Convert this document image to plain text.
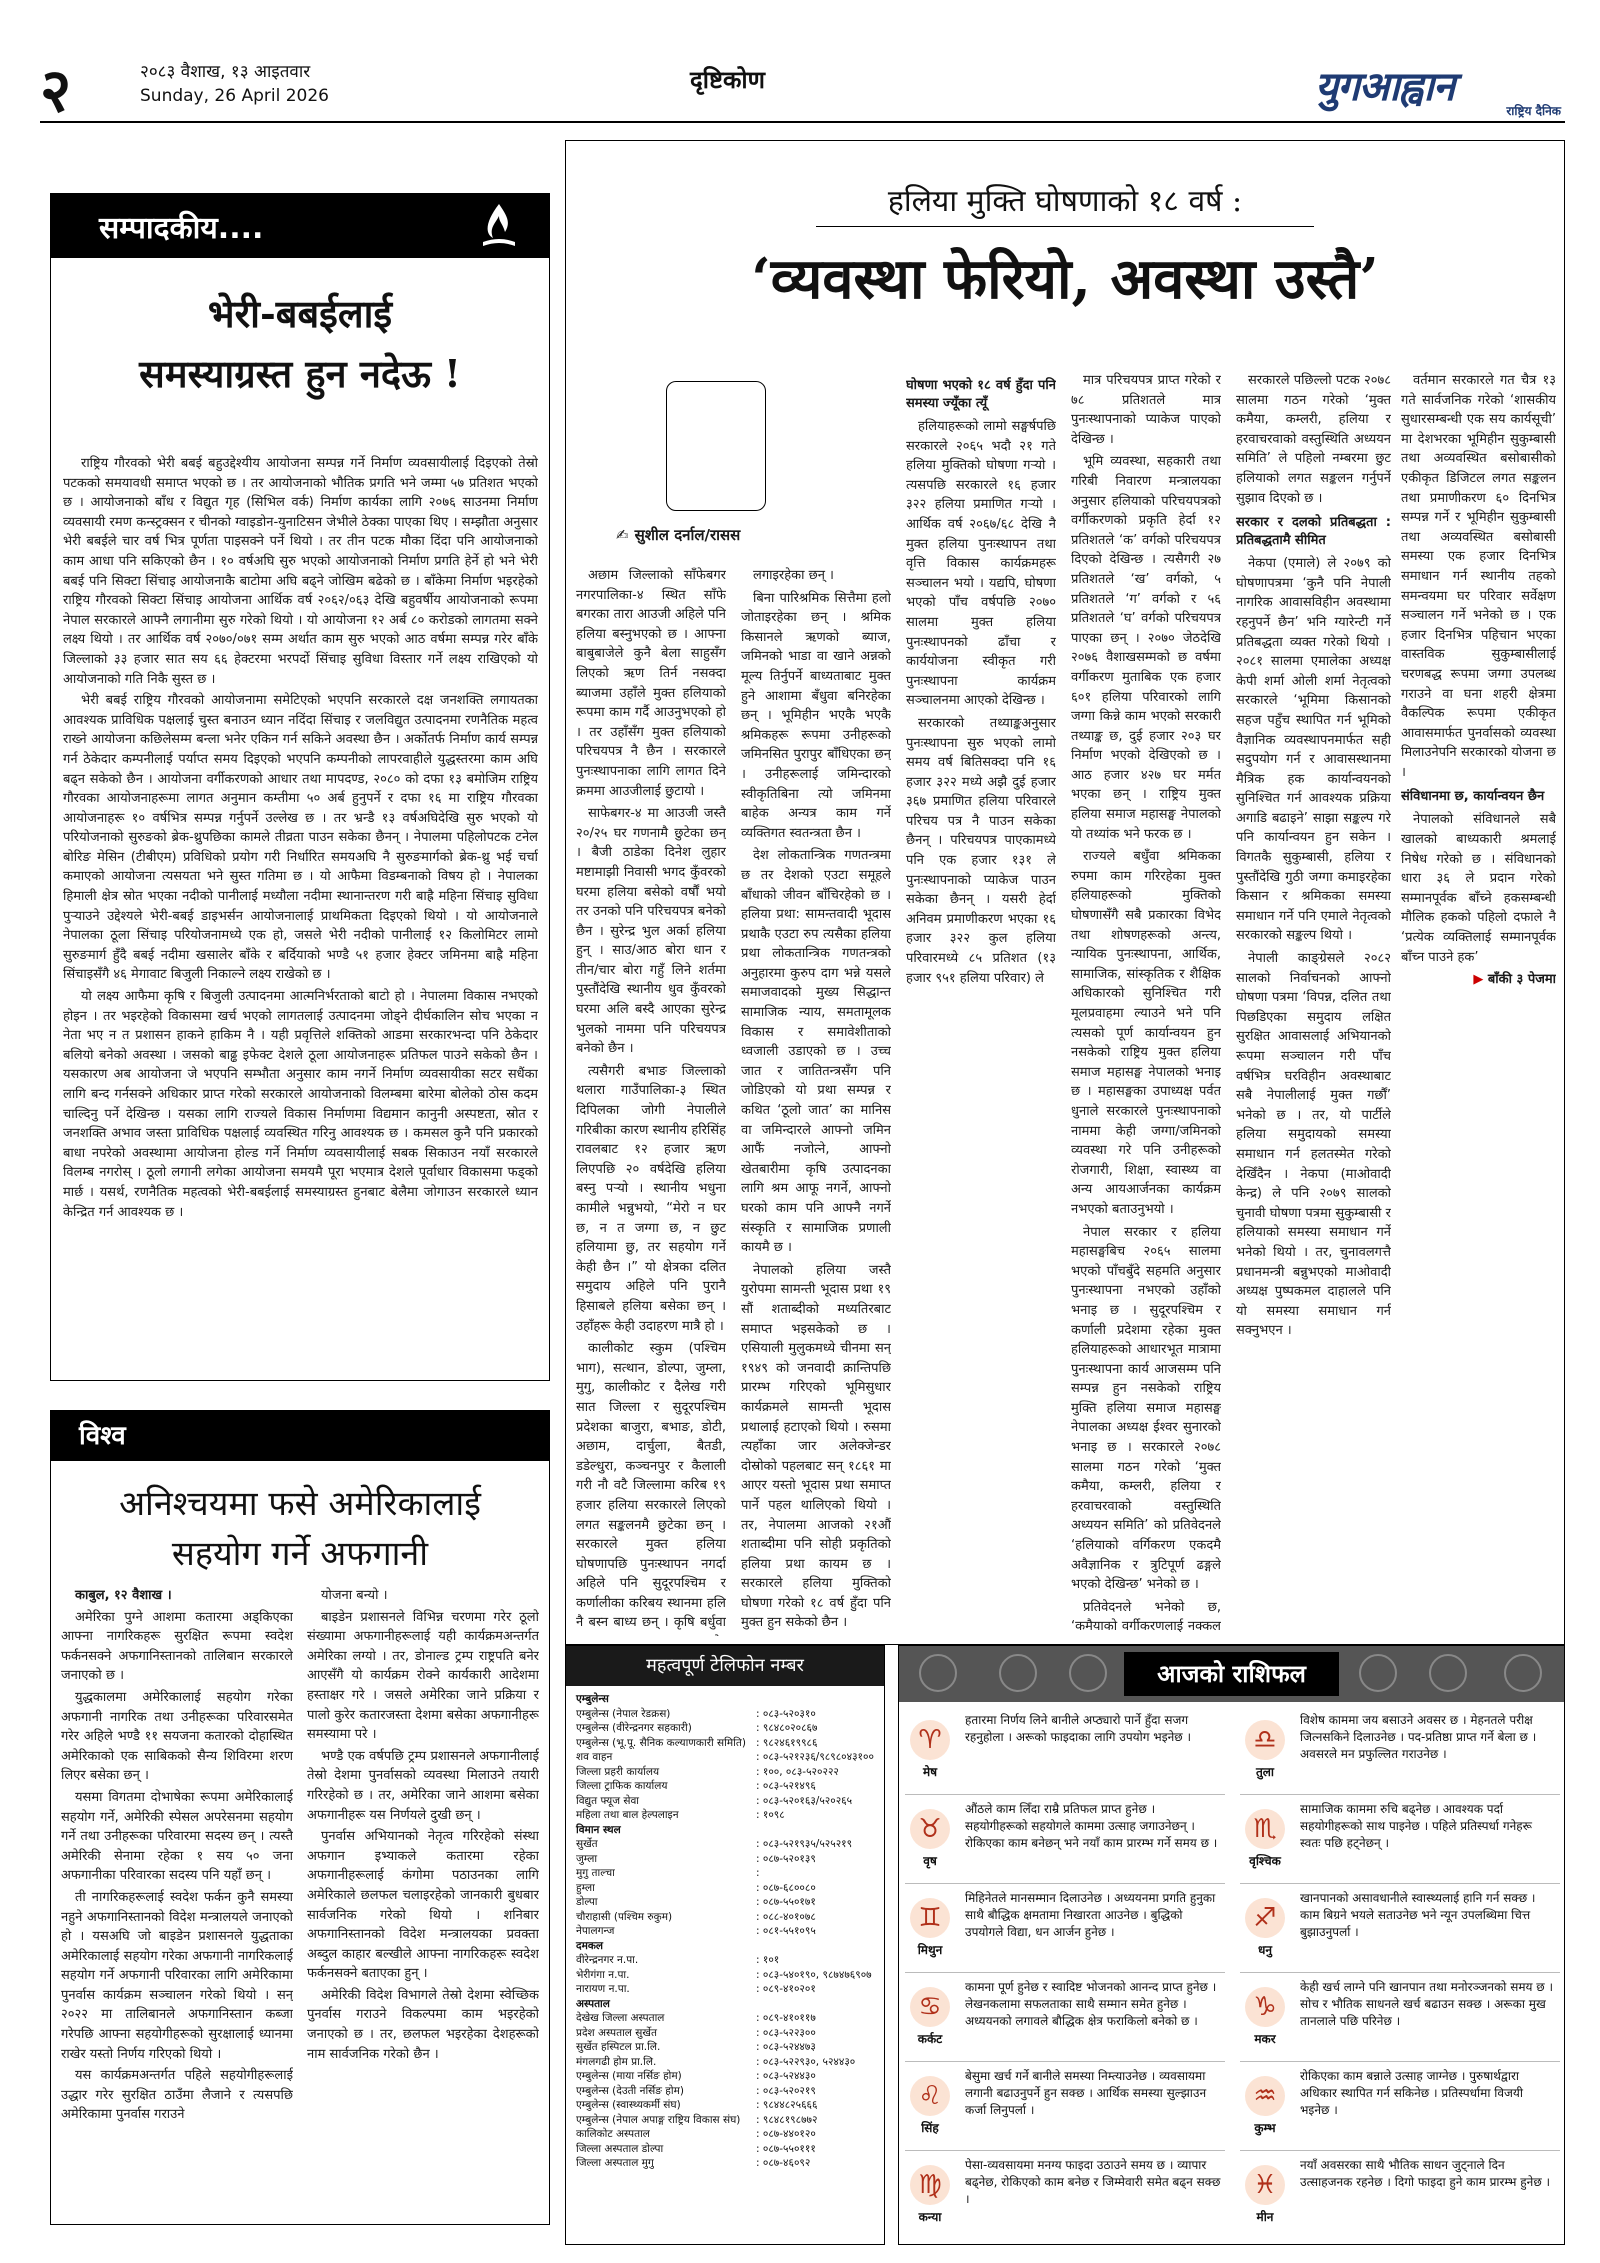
२	२०८३ वैशाख, १३ आइतवार
Sunday, 26 April 2026
दृष्टिकोण	युगआह्वान
राष्ट्रिय दैनिक
सम्पादकीय....
भेरी-बबईलाई
समस्याग्रस्त हुन नदेऊ !

राष्ट्रिय गौरवको भेरी बबई बहुउद्देश्यीय आयोजना सम्पन्न गर्ने निर्माण व्यवसायीलाई दिइएको तेस्रो पटकको समयावधी समाप्त भएको छ । तर आयोजनाको भौतिक प्रगति भने जम्मा ५७ प्रतिशत भएको छ । आयोजनाको बाँध र विद्युत गृह (सिभिल वर्क) निर्माण कार्यका लागि २०७६ साउनमा निर्माण व्यवसायी रमण कन्स्ट्रक्सन र चीनको ग्वाइडोन-युनाटिसन जेभीले ठेक्का पाएका थिए । सम्झौता अनुसार भेरी बबईले चार वर्ष भित्र पूर्णता पाइसक्ने पर्ने थियो । तर तीन पटक मौका दिंदा पनि आयोजनाको काम आधा पनि सकिएको छैन । १० वर्षअघि सुरु भएको आयोजनाको निर्माण प्रगति हेर्ने हो भने भेरी बबई पनि सिक्टा सिंचाइ आयोजनाकै बाटोमा अघि बढ्ने जोखिम बढेको छ । बाँकेमा निर्माण भइरहेको राष्ट्रिय गौरवको सिक्टा सिंचाइ आयोजना आर्थिक वर्ष २०६२/०६३ देखि बहुवर्षीय आयोजनाको रूपमा नेपाल सरकारले आफ्नै लगानीमा सुरु गरेको थियो । यो आयोजना १२ अर्ब ८० करोडको लागतमा सक्ने लक्ष्य थियो । तर आर्थिक वर्ष २०७०/०७१ सम्म अर्थात काम सुरु भएको आठ वर्षमा सम्पन्न गरेर बाँके जिल्लाको ३३ हजार सात सय ६६ हेक्टरमा भरपर्दो सिंचाइ सुविधा विस्तार गर्ने लक्ष्य राखिएको यो आयोजनाको गति निकै सुस्त छ ।

भेरी बबई राष्ट्रिय गौरवको आयोजनामा समेटिएको भएपनि सरकारले दक्ष जनशक्ति लगायतका आवश्यक प्राविधिक पक्षलाई चुस्त बनाउन ध्यान नदिंदा सिंचाइ र जलविद्युत उत्पादनमा रणनैतिक महत्व राख्ने आयोजना कछिलेसम्म बन्ला भनेर एकिन गर्न सकिने अवस्था छैन । अर्कोतर्फ निर्माण कार्य सम्पन्न गर्न ठेकेदार कम्पनीलाई पर्याप्त समय दिइएको भएपनि कम्पनीको लापरवाहीले युद्धस्तरमा काम अघि बढ्न सकेको छैन । आयोजना वर्गीकरणको आधार तथा मापदण्ड, २०८० को दफा १३ बमोजिम राष्ट्रिय गौरवका आयोजनाहरूमा लागत अनुमान कम्तीमा ५० अर्ब हुनुपर्ने र दफा १६ मा राष्ट्रिय गौरवका आयोजनाहरू १० वर्षभित्र सम्पन्न गर्नुपर्ने उल्लेख छ । तर भ्रन्डै १३ वर्षअघिदेखि सुरु भएको यो परियोजनाको सुरुङको ब्रेक-थ्रुपछिका कामले तीव्रता पाउन सकेका छैनन् । नेपालमा पहिलोपटक टनेल बोरिङ मेसिन (टीबीएम) प्रविधिको प्रयोग गरी निर्धारित समयअघि नै सुरुङमार्गको ब्रेक-थ्रु भई चर्चा कमाएको आयोजना त्यसयता भने सुस्त गतिमा छ । यो आफैमा विडम्बनाको विषय हो । नेपालका हिमाली क्षेत्र स्रोत भएका नदीको पानीलाई मध्यौला नदीमा स्थानान्तरण गरी बाह्रै महिना सिंचाइ सुविधा पुऱ्याउने उद्देश्यले भेरी-बबई डाइभर्सन आयोजनालाई प्राथमिकता दिइएको थियो । यो आयोजनाले नेपालका ठूला सिंचाइ परियोजनामध्ये एक हो, जसले भेरी नदीको पानीलाई १२ किलोमिटर लामो सुरुङमार्ग हुँदै बबई नदीमा खसालेर बाँके र बर्दियाको भण्डै ५१ हजार हेक्टर जमिनमा बाह्रै महिना सिंचाइसँगै ४६ मेगावाट बिजुली निकाल्ने लक्ष्य राखेको छ ।

यो लक्ष्य आफैमा कृषि र बिजुली उत्पादनमा आत्मनिर्भरताको बाटो हो । नेपालमा विकास नभएको होइन । तर भइरहेको विकासमा खर्च भएको लागतलाई उत्पादनमा जोड्ने दीर्घकालिन सोच भएका न नेता भए न त प्रशासन हाकने हाकिम नै । यही प्रवृत्तिले शक्तिको आडमा सरकारभन्दा पनि ठेकेदार बलियो बनेको अवस्था । जसको बाढ्ढ इफेक्ट देशले ठूला आयोजनाहरू प्रतिफल पाउने सकेको छैन । यसकारण अब आयोजना जे भएपनि सम्भौता अनुसार काम नगर्ने निर्माण व्यवसायीका सटर सधैंका लागि बन्द गर्नसक्ने अधिकार प्राप्त गरेको सरकारले आयोजनाको विलम्बमा बारेमा बोलेको ठोस कदम चाल्दिनु पर्ने देखिन्छ । यसका लागि राज्यले विकास निर्माणमा विद्यमान कानुनी अस्पष्टता, स्रोत र जनशक्ति अभाव जस्ता प्राविधिक पक्षलाई व्यवस्थित गरिनु आवश्यक छ । कमसल कुनै पनि प्रकारको बाधा नपरेको अवस्थामा आयोजना होल्ड गर्ने निर्माण व्यवसायीलाई सबक सिकाउन नयाँ सरकारले विलम्ब नगरोस् । ठूलो लगानी लगेका आयोजना समयमै पूरा भएमात्र देशले पूर्वाधार विकासमा फड्को मार्छ । यसर्थ, रणनैतिक महत्वको भेरी-बबईलाई समस्याग्रस्त हुनबाट बेलैमा जोगाउन सरकारले ध्यान केन्द्रित गर्न आवश्यक छ ।

विश्व
अनिश्चयमा फसे अमेरिकालाई
सहयोग गर्ने अफगानी

काबुल, १२ वैशाख ।

अमेरिका पुग्ने आशमा कतारमा अड्किएका आफ्ना नागरिकहरू सुरक्षित रूपमा स्वदेश फर्कनसक्ने अफगानिस्तानको तालिबान सरकारले जनाएको छ ।

युद्धकालमा अमेरिकालाई सहयोग गरेका अफगानी नागरिक तथा उनीहरूका परिवारसमेत गरेर अहिले भण्डै ११ सयजना कतारको दोहास्थित अमेरिकाको एक साबिकको सैन्य शिविरमा शरण लिएर बसेका छन् ।

यसमा विगतमा दोभाषेका रूपमा अमेरिकालाई सहयोग गर्ने, अमेरिकी स्पेसल अपरेसनमा सहयोग गर्ने तथा उनीहरूका परिवारमा सदस्य छन् । त्यस्तै अमेरिकी सेनामा रहेका १ सय ५० जना अफगानीका परिवारका सदस्य पनि यहाँ छन् ।

ती नागरिकहरूलाई स्वदेश फर्कन कुनै समस्या नहुने अफगानिस्तानको विदेश मन्त्रालयले जनाएको हो । यसअघि जो बाइडेन प्रशासनले युद्धताका अमेरिकालाई सहयोग गरेका अफगानी नागरिकलाई सहयोग गर्ने अफगानी परिवारका लागि अमेरिकामा पुनर्वास कार्यक्रम सञ्चालन गरेको थियो । सन् २०२२ मा तालिबानले अफगानिस्तान कब्जा गरेपछि आफ्ना सहयोगीहरूको सुरक्षालाई ध्यानमा राखेर यस्तो निर्णय गरिएको थियो ।

यस कार्यक्रमअन्तर्गत पहिले सहयोगीहरूलाई उद्धार गरेर सुरक्षित ठाउँमा लैजाने र त्यसपछि अमेरिकामा पुनर्वास गराउने

योजना बन्यो ।

बाइडेन प्रशासनले विभिन्न चरणमा गरेर ठूलो संख्यामा अफगानीहरूलाई यही कार्यक्रमअन्तर्गत अमेरिका लग्यो । तर, डोनाल्ड ट्रम्प राष्ट्रपति बनेर आएसँगै यो कार्यक्रम रोक्ने कार्यकारी आदेशमा हस्ताक्षर गरे । जसले अमेरिका जाने प्रक्रिया र पालो कुरेर कतारजस्ता देशमा बसेका अफगानीहरू समस्यामा परे ।

भण्डै एक वर्षपछि ट्रम्प प्रशासनले अफगानीलाई तेस्रो देशमा पुनर्वासको व्यवस्था मिलाउने तयारी गरिरहेको छ । तर, अमेरिका जाने आशमा बसेका अफगानीहरू यस निर्णयले दुखी छन् ।

पुनर्वास अभियानको नेतृत्व गरिरहेको संस्था अफगान इभ्याकले कतारमा रहेका अफगानीहरूलाई कंगोमा पठाउनका लागि अमेरिकाले छलफल चलाइरहेको जानकारी बुधबार सार्वजनिक गरेको थियो । शनिबार अफगानिस्तानको विदेश मन्त्रालयका प्रवक्ता अब्दुल काहार बल्खीले आफ्ना नागरिकहरू स्वदेश फर्कनसक्ने बताएका हुन् ।

अमेरिकी विदेश विभागले तेस्रो देशमा स्वेच्छिक पुनर्वास गराउने विकल्पमा काम भइरहेको जनाएको छ । तर, छलफल भइरहेका देशहरूको नाम सार्वजनिक गरेको छैन ।

हलिया मुक्ति घोषणाको १८ वर्ष :
‘व्यवस्था फेरियो, अवस्था उस्तै’
✍ सुशील दर्नाल/रासस

अछाम जिल्लाको साँफेबगर नगरपालिका-४ स्थित साँफे बगरका तारा आउजी अहिले पनि हलिया बस्नुभएको छ । आफ्ना बाबुबाजेले कुनै बेला साहुसँग लिएको ऋण तिर्न नसक्दा ब्याजमा उहाँले मुक्त हलियाको रूपमा काम गर्दै आउनुभएको हो । तर उहाँसँग मुक्त हलियाको परिचयपत्र नै छैन । सरकारले पुनःस्थापनाका लागि लागत दिने क्रममा आउजीलाई छुटायो ।

साफेबगर-४ मा आउजी जस्तै २०/२५ घर गणनामै छुटेका छन् । बैजी ठाडेका दिनेश लुहार मष्टामाझी निवासी भगद कुँवरको घरमा हलिया बसेको वर्षौं भयो तर उनको पनि परिचयपत्र बनेको छैन । सुरेन्द्र भुल अर्का हलिया हुन् । साउ/आठ बोरा धान र तीन/चार बोरा गहुँ लिने शर्तमा पुस्तौंदेखि स्थानीय धुव कुँवरको घरमा अलि बस्दै आएका सुरेन्द्र भुलको नाममा पनि परिचयपत्र बनेको छैन ।

त्यसैगरी बभाङ जिल्लाको थलारा गाउँपालिका-३ स्थित दिपिलका जोगी नेपालीले गरिबीका कारण स्थानीय हरिसिंह रावलबाट १२ हजार ऋण लिएपछि २० वर्षदेखि हलिया बस्नु पऱ्यो । स्थानीय भधुना कामीले भन्नुभयो, “मेरो न घर छ, न त जग्गा छ, न छुट हलियामा छु, तर सहयोग गर्ने केही छैन ।” यो क्षेत्रका दलित समुदाय अहिले पनि पुरानै हिसाबले हलिया बसेका छन् । उहाँहरू केही उदाहरण मात्रै हो ।

कालीकोट स्कुम (पश्चिम भाग), सत्थान, डोल्पा, जुम्ला, मुगु, कालीकोट र दैलेख गरी सात जिल्ला र सुदूरपश्चिम प्रदेशका बाजुरा, बभाङ, डोटी, अछाम, दार्चुला, बैतडी, डडेल्धुरा, कञ्चनपुर र कैलाली गरी नौ वटै जिल्लामा करिब १९ हजार हलिया सरकारले लिएको लगत सङ्कलनमै छुटेका छन् । सरकारले मुक्त हलिया घोषणापछि पुनःस्थापन नगर्दा अहिले पनि सुदूरपश्चिम र कर्णालीका करिबय स्थानमा हलि नै बस्न बाध्य छन् । कृषि बर्धुवा

लगाइरहेका छन् ।

बिना पारिश्रमिक सित्तैमा हलो जोताइरहेका छन् । श्रमिक किसानले ऋणको ब्याज, जमिनको भाडा वा खाने अन्नको मूल्य तिर्नुपर्ने बाध्यताबाट मुक्त हुने आशामा बँधुवा बनिरहेका छन् । भूमिहीन भएकै भएकै श्रमिकहरू रूपमा उनीहरूको जमिनसित पुरापुर बाँधिएका छन् । उनीहरूलाई जमिन्दारको स्वीकृतिबिना त्यो जमिनमा बाहेक अन्यत्र काम गर्ने व्यक्तिगत स्वतन्त्रता छैन ।

देश लोकतान्त्रिक गणतन्त्रमा छ तर देशको एउटा समूहले बाँधाको जीवन बाँचिरहेको छ । हलिया प्रथा: सामन्तवादी भूदास प्रथाकै एउटा रुप त्यसैका हलिया प्रथा लोकतान्त्रिक गणतन्त्रको अनुहारमा कुरुप दाग भन्ने यसले समाजवादको मुख्य सिद्धान्त सामाजिक न्याय, समतामूलक विकास र समावेशीताको ध्वजाली उडाएको छ । उच्च जात र जातितन्त्रसँग पनि जोडिएको यो प्रथा सम्पन्न र कथित ‘ठूलो जात’ का मानिस वा जमिन्दारले आफ्नो जमिन आफैं नजोत्ने, आफ्नो खेतबारीमा कृषि उत्पादनका लागि श्रम आफू नगर्ने, आफ्नो घरको काम पनि आफ्नै नगर्ने संस्कृति र सामाजिक प्रणाली कायमै छ ।

नेपालको हलिया जस्तै युरोपमा सामन्ती भूदास प्रथा १९ सौं शताब्दीको मध्यतिरबाट समाप्त भइसकेको छ । एसियाली मुलुकमध्ये चीनमा सन् १९४९ को जनवादी क्रान्तिपछि प्रारम्भ गरिएको भूमिसुधार कार्यक्रमले सामन्ती भूदास प्रथालाई हटाएको थियो । रुसमा त्यहाँका जार अलेक्जेन्डर दोस्रोको पहलबाट सन् १८६१ मा आएर यस्तो भूदास प्रथा समाप्त पार्ने पहल थालिएको थियो । तर, नेपालमा आजको २१औं शताब्दीमा पनि सोही प्रकृतिको हलिया प्रथा कायम छ । सरकारले हलिया मुक्तिको घोषणा गरेको १८ वर्ष हुँदा पनि मुक्त हुन सकेको छैन ।

घोषणा भएको १८ वर्ष हुँदा पनि समस्या ज्यूँका त्यूँ

हलियाहरूको लामो सङ्घर्षपछि सरकारले २०६५ भदौ २१ गते हलिया मुक्तिको घोषणा गऱ्यो । त्यसपछि सरकारले १६ हजार ३२२ हलिया प्रमाणित गऱ्यो । आर्थिक वर्ष २०६७/६८ देखि नै मुक्त हलिया पुनःस्थापन तथा वृत्ति विकास कार्यक्रमहरू सञ्चालन भयो । यद्यपि, घोषणा भएको पाँच वर्षपछि २०७० सालमा मुक्त हलिया पुनःस्थापनको ढाँचा र कार्ययोजना स्वीकृत गरी पुनःस्थापना कार्यक्रम सञ्चालनमा आएको देखिन्छ ।

सरकारको तथ्याङ्कअनुसार पुनःस्थापना सुरु भएको लामो समय वर्ष बितिसक्दा पनि १६ हजार ३२२ मध्ये अझै दुई हजार ३६७ प्रमाणित हलिया परिवारले परिचय पत्र नै पाउन सकेका छैनन् । परिचयपत्र पाएकामध्ये पनि एक हजार १३१ ले पुनःस्थापनाको प्याकेज पाउन सकेका छैनन् । यसरी हेर्दा अनिवम प्रमाणीकरण भएका १६ हजार ३२२ कुल हलिया परिवारमध्ये ८५ प्रतिशत (१३ हजार ९५१ हलिया परिवार) ले

मात्र परिचयपत्र प्राप्त गरेको र ७८ प्रतिशतले मात्र पुनःस्थापनाको प्याकेज पाएको देखिन्छ ।

भूमि व्यवस्था, सहकारी तथा गरिबी निवारण मन्त्रालयका अनुसार हलियाको परिचयपत्रको वर्गीकरणको प्रकृति हेर्दा १२ प्रतिशतले ‘क’ वर्गको परिचयपत्र दिएको देखिन्छ । त्यसैगरी २७ प्रतिशतले ‘ख’ वर्गको, ५ प्रतिशतले ‘ग’ वर्गको र ५६ प्रतिशतले ‘घ’ वर्गको परिचयपत्र पाएका छन् । २०७० जेठदेखि २०७६ वैशाखसम्मको छ वर्षमा वर्गीकरण मुताबिक एक हजार ६०१ हलिया परिवारको लागि जग्गा किन्ने काम भएको सरकारी तथ्याङ्क छ, दुई हजार २०३ घर निर्माण भएको देखिएको छ । आठ हजार ४२७ घर मर्मत भएका छन् । राष्ट्रिय मुक्त हलिया समाज महासङ्घ नेपालको यो तथ्यांक भने फरक छ ।

राज्यले बधुँवा श्रमिकका रुपमा काम गरिरहेका मुक्त हलियाहरूको मुक्तिको घोषणासँगै सबै प्रकारका विभेद तथा शोषणहरूको अन्त्य, न्यायिक पुनःस्थापना, आर्थिक, सामाजिक, सांस्कृतिक र शैक्षिक अधिकारको सुनिश्चित गरी मूलप्रवाहमा ल्याउने भने पनि त्यसको पूर्ण कार्यान्वयन हुन नसकेको राष्ट्रिय मुक्त हलिया समाज महासङ्घ नेपालको भनाइ छ । महासङ्घका उपाध्यक्ष पर्वत धुनाले सरकारले पुनःस्थापनाको नाममा केही जग्गा/जमिनको व्यवस्था गरे पनि उनीहरूको रोजगारी, शिक्षा, स्वास्थ्य वा अन्य आयआर्जनका कार्यक्रम नभएको बताउनुभयो ।

नेपाल सरकार र हलिया महासङ्घबिच २०६५ सालमा भएको पाँचबुँदे सहमति अनुसार पुनःस्थापना नभएको उहाँको भनाइ छ । सुदूरपश्चिम र कर्णाली प्रदेशमा रहेका मुक्त हलियाहरूको आधारभूत मात्रामा पुनःस्थापना कार्य आजसम्म पनि सम्पन्न हुन नसकेको राष्ट्रिय मुक्ति हलिया समाज महासङ्घ नेपालका अध्यक्ष ईश्वर सुनारको भनाइ छ । सरकारले २०७८ सालमा गठन गरेको ‘मुक्त कमैया, कम्लरी, हलिया र हरवाचरवाको वस्तुस्थिति अध्ययन समिति’ को प्रतिवेदनले ‘हलियाको वर्गिकरण एकदमै अवैज्ञानिक र त्रुटिपूर्ण ढङ्गले भएको देखिन्छ’ भनेको छ ।

प्रतिवेदनले भनेको छ, ‘कमैयाको वर्गीकरणलाई नक्कल

सरकारले पछिल्लो पटक २०७८ सालमा गठन गरेको ‘मुक्त कमैया, कम्लरी, हलिया र हरवाचरवाको वस्तुस्थिति अध्ययन समिति’ ले पहिलो नम्बरमा छुट हलियाको लगत सङ्कलन गर्नुपर्ने सुझाव दिएको छ ।

सरकार र दलको प्रतिबद्धता : प्रतिबद्धतामै सीमित

नेकपा (एमाले) ले २०७९ को घोषणापत्रमा ‘कुनै पनि नेपाली नागरिक आवासविहीन अवस्थामा रहनुपर्ने छैन’ भनि ग्यारेन्टी गर्ने प्रतिबद्धता व्यक्त गरेको थियो । २०८१ सालमा एमालेका अध्यक्ष केपी शर्मा ओली शर्मा नेतृत्वको सरकारले ‘भूमिमा किसानको सहज पहुँच स्थापित गर्न भूमिको वैज्ञानिक व्यवस्थापनमार्फत सही सदुपयोग गर्न र आवासस्थानमा मैत्रिक हक कार्यान्वयनको सुनिश्चित गर्न आवश्यक प्रक्रिया अगाडि बढाइने’ साझा सङ्कल्प गरे पनि कार्यान्वयन हुन सकेन । विगतकै सुकुम्बासी, हलिया र पुस्तौंदेखि गुठी जग्गा कमाइरहेका किसान र श्रमिकका समस्या समाधान गर्ने पनि एमाले नेतृत्वको सरकारको सङ्कल्प थियो ।

नेपाली काङ्ग्रेसले २०८२ सालको निर्वाचनको आफ्नो घोषणा पत्रमा ‘विपन्न, दलित तथा पिछडिएका समुदाय लक्षित सुरक्षित आवासलाई अभियानको रूपमा सञ्चालन गरी पाँच वर्षभित्र घरविहीन अवस्थाबाट सबै नेपालीलाई मुक्त गर्छौं’ भनेको छ । तर, यो पार्टीले हलिया समुदायको समस्या समाधान गर्न हलतस्मेत गरेको देखिँदैन । नेकपा (माओवादी केन्द्र) ले पनि २०७९ सालको चुनावी घोषणा पत्रमा सुकुम्बासी र हलियाको समस्या समाधान गर्ने भनेको थियो । तर, चुनावलगत्तै प्रधानमन्त्री बन्नुभएको माओवादी अध्यक्ष पुष्पकमल दाहालले पनि यो समस्या समाधान गर्न सक्नुभएन ।

वर्तमान सरकारले गत चैत्र १३ गते सार्वजनिक गरेको ‘शासकीय सुधारसम्बन्धी एक सय कार्यसूची’ मा देशभरका भूमिहीन सुकुम्बासी तथा अव्यवस्थित बसोबासीको एकीकृत डिजिटल लगत सङ्कलन तथा प्रमाणीकरण ६० दिनभित्र सम्पन्न गर्ने र भूमिहीन सुकुम्बासी तथा अव्यवस्थित बसोबासी समस्या एक हजार दिनभित्र समाधान गर्न स्थानीय तहको समन्वयमा घर परिवार सर्वेक्षण सञ्चालन गर्ने भनेको छ । एक हजार दिनभित्र पहिचान भएका वास्तविक सुकुम्बासीलाई चरणबद्ध रूपमा जग्गा उपलब्ध गराउने वा घना शहरी क्षेत्रमा वैकल्पिक रूपमा एकीकृत आवासमार्फत पुनर्वासको व्यवस्था मिलाउनेपनि सरकारको योजना छ ।

संविधानमा छ, कार्यान्वयन छैन

नेपालको संविधानले सबै खालको बाध्यकारी श्रमलाई निषेध गरेको छ । संविधानको धारा ३६ ले प्रदान गरेको सम्मानपूर्वक बाँच्ने हकसम्बन्धी मौलिक हकको पहिलो दफाले नै ‘प्रत्येक व्यक्तिलाई सम्मानपूर्वक बाँच्न पाउने हक’

▶ बाँकी ३ पेजमा

महत्वपूर्ण टेलिफोन नम्बर
एम्बुलेन्स
एम्बुलेन्स (नेपाल रेडक्रस)	: ०८३-५२०३१०
एम्बुलेन्स (वीरेन्द्रनगर सहकारी)	: ९८४८०२०८६७
एम्बुलेन्स (भू.पू. सैनिक कल्याणकारी समिति) : ९८२४६१९९८६
शव वाहन	: ०८३-५२१२३६/९८९८०४३१००
जिल्ला प्रहरी कार्यालय	: १००, ०८३-५२०२२२
जिल्ला ट्राफिक कार्यालय	: ०८३-५२१४९६
विद्युत फ्यूज सेवा	: ०८३-५२०१६३/५२०२६५
महिला तथा बाल हेल्पलाइन	: १०९८
विमान स्थल
सुर्खेत	: ०८३-५२१९३५/५२५२१९
जुम्ला	: ०८७-५२०१३९
मुगु ताल्चा	:
हुम्ला	: ०८७-६८००८०
डोल्पा	: ०८७-५५०१७१
चौराहासी (पश्चिम रुकुम)	: ०८८-४०१०७८
नेपालगन्ज	: ०८१-५५१०९५
दमकल
वीरेन्द्रनगर न.पा.	: १०१
भेरीगंगा न.पा.	: ०८३-५४०१९०, ९८७४७६९०७
नारायण न.पा.	: ०८९-४१०२०१
अस्पताल
देखेख जिल्ला अस्पताल	: ०८९-४१०११७
प्रदेश अस्पताल सुर्खेत	: ०८३-५२२३००
सुर्खेत हस्पिटल प्रा.लि.	: ०८३-५२४४७३
मंगलगढी होम प्रा.लि.	: ०८३-५२२९३०, ५२४४३०
एम्बुलेन्स (माया नर्सिङ होम)	: ०८३-५२४४३०
एम्बुलेन्स (देउती नर्सिङ होम)	: ०८३-५२०२१९
एम्बुलेन्स (स्वास्थ्यकर्मी संघ)	: ९८४४८२५६६६
एम्बुलेन्स (नेपाल अपाङ्ग राष्ट्रिय विकास संघ)	: ९८४८१९८७७२
कालिकोट अस्पताल	: ०८७-४४०१२०
जिल्ला अस्पताल डोल्पा	: ०८७-५५०१११
जिल्ला अस्पताल मुगु	: ०८७-४६०९२
आजको राशिफल
♈
मेष
हतारमा निर्णय लिने बानीले अप्ठ्यारो पार्ने हुँदा सजग रहनुहोला । अरूको फाइदाका लागि उपयोग भइनेछ ।
♉
वृष
औंठले काम लिँदा राम्रै प्रतिफल प्राप्त हुनेछ । सहयोगीहरूको सहयोगले काममा उत्साह जगाउनेछन् । रोकिएका काम बनेछन् भने नयाँ काम प्रारम्भ गर्ने समय छ ।
♊
मिथुन
मिहिनेतले मानसम्मान दिलाउनेछ । अध्ययनमा प्रगति हुनुका साथै बौद्धिक क्षमतामा निखारता आउनेछ । बुद्धिको उपयोगले विद्या, धन आर्जन हुनेछ ।
♋
कर्कट
कामना पूर्ण हुनेछ र स्वादिष्ट भोजनको आनन्द प्राप्त हुनेछ । लेखनकलामा सफलताका साथै सम्मान समेत हुनेछ । अध्ययनको लगावले बौद्धिक क्षेत्र फराकिलो बनेको छ ।
♌
सिंह
बेसुमा खर्च गर्ने बानीले समस्या निम्त्याउनेछ । व्यवसायमा लगानी बढाउनुपर्ने हुन सक्छ । आर्थिक समस्या सुल्झाउन कर्जा लिनुपर्ला ।
♍
कन्या
पेसा-व्यवसायमा मनग्य फाइदा उठाउने समय छ । व्यापार बढ्नेछ, रोकिएको काम बनेछ र जिम्मेवारी समेत बढ्न सक्छ ।
♎
तुला
विशेष काममा जय बसाउने अवसर छ । मेहनतले परीक्ष जित्नसकिने दिलाउनेछ । पद-प्रतिष्ठा प्राप्त गर्ने बेला छ । अवसरले मन प्रफुल्लित गराउनेछ ।
♏
वृश्चिक
सामाजिक काममा रुचि बढ्नेछ । आवश्यक पर्दा सहयोगीहरूको साथ पाइनेछ । पहिले प्रतिस्पर्धा गनेहरू स्वतः पछि हट्नेछन् ।
♐
धनु
खानपानको असावधानीले स्वास्थ्यलाई हानि गर्न सक्छ । काम बिग्रने भयले सताउनेछ भने न्यून उपलब्धिमा चित्त बुझाउनुपर्ला ।
♑
मकर
केही खर्च लाग्ने पनि खानपान तथा मनोरञ्जनको समय छ । सोच र भौतिक साधनले खर्च बढाउन सक्छ । अरूका मुख तानलाले पछि परिनेछ ।
♒
कुम्भ
रोकिएका काम बन्नाले उत्साह जाग्नेछ । पुरुषार्थद्वारा अधिकार स्थापित गर्न सकिनेछ । प्रतिस्पर्धामा विजयी भइनेछ ।
♓
मीन
नयाँ अवसरका साथै भौतिक साधन जुट्नाले दिन उत्साहजनक रहनेछ । दिगो फाइदा हुने काम प्रारम्भ हुनेछ ।
